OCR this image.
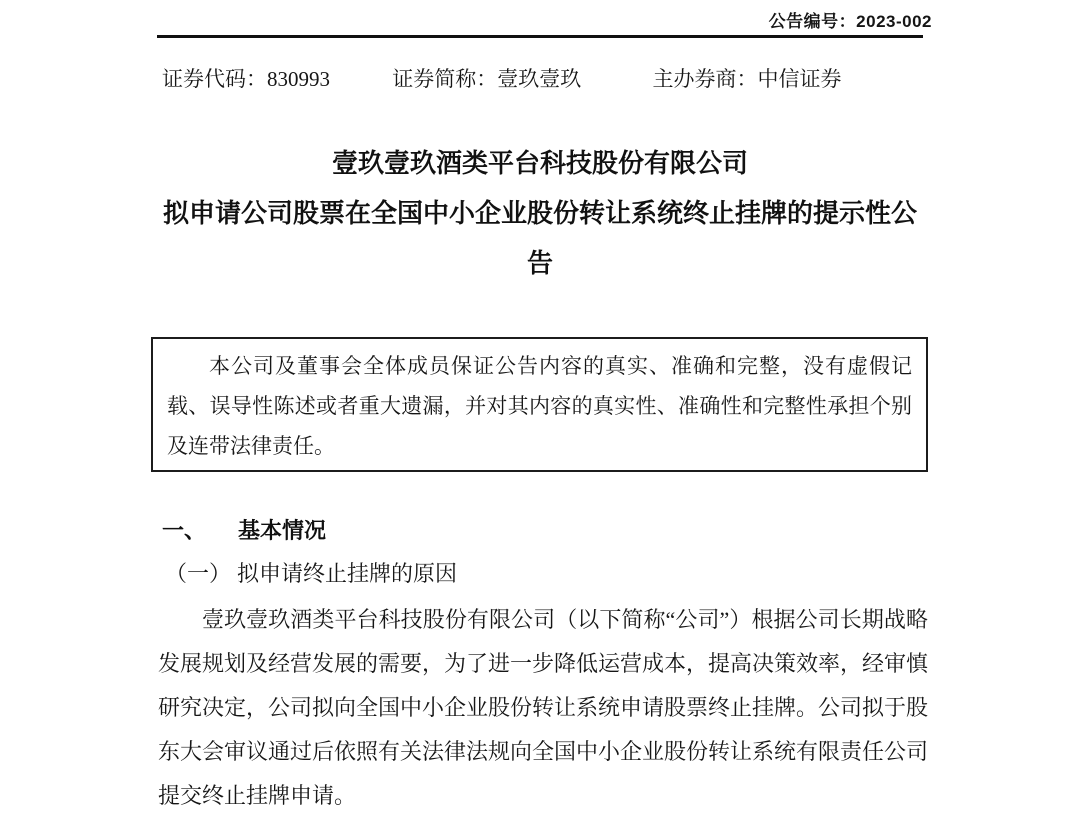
公告编号：2023-002
证券代码：830993	证券简称：壹玖壹玖	主办券商：中信证券
壹玖壹玖酒类平台科技股份有限公司
拟申请公司股票在全国中小企业股份转让系统终止挂牌的提示性公告
本公司及董事会全体成员保证公告内容的真实、准确和完整，没有虚假记载、误导性陈述或者重大遗漏，并对其内容的真实性、准确性和完整性承担个别及连带法律责任。
一、 基本情况
（一） 拟申请终止挂牌的原因
壹玖壹玖酒类平台科技股份有限公司（以下简称“公司”）根据公司长期战略发展规划及经营发展的需要，为了进一步降低运营成本，提高决策效率，经审慎研究决定，公司拟向全国中小企业股份转让系统申请股票终止挂牌。公司拟于股东大会审议通过后依照有关法律法规向全国中小企业股份转让系统有限责任公司提交终止挂牌申请。
